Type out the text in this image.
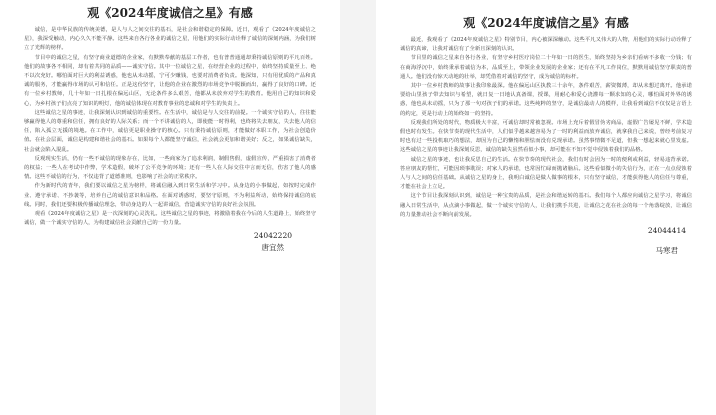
观《2024年度诚信之星》有感

诚信，是中华民族的传统美德，是人与人之间交往的基石，是社会和谐稳定的保障。近日，观看了《2024年度诚信之星》，我深受触动，内心久久不能平静。这些来自各行各业的诚信之星，用他们的实际行动诠释了诚信的深刻内涵，为我们树立了光辉的榜样。

节目中的诚信之星，有坚守商业道德的企业家，有默默奉献的基层工作者，也有普普通通却秉持诚信原则的平凡百姓。他们的故事各不相同，却有着共同的品质——诚实守信。其中一位诚信之星，在经营企业的过程中，始终坚持质量至上、绝不以次充好。哪怕面对巨大的利益诱惑，他也从未动摇，宁可少赚钱，也要对消费者负责。他深知，只有用优质的产品和真诚的服务，才能赢得市场的认可和信任。正是这份坚守，让他的企业在激烈的市场竞争中脱颖而出，赢得了良好的口碑。还有一位乡村教师，几十年如一日扎根在偏远山区，无论条件多么艰苦，他都从未放弃对学生的教育。他用自己的知识和爱心，为乡村孩子们点亮了知识的明灯，他的诚信体现在对教育事业的忠诚和对学生的负责上。

这些诚信之星的事迹，让我深刻认识到诚信的重要性。在生活中，诚信是与人交往的前提。一个诚实守信的人，往往能够赢得他人的尊重和信任，拥有良好的人际关系；而一个不讲诚信的人，即使能一时得利，也终将失去朋友，失去他人的信任，陷入孤立无援的境地。在工作中，诚信更是职业操守的核心。只有秉持诚信原则，才能做好本职工作，为社会创造价值。在社会层面，诚信是构建和谐社会的基石。如果每个人都能坚守诚信，社会就会更加和谐美好；反之，如果诚信缺失，社会就会陷入混乱。

反观现实生活，仍有一些不诚信的现象存在，比如，一些商家为了追求利润，制假售假，虚假宣传，严重损害了消费者的权益；一些人在考试中作弊，学术造假，破坏了公平竞争的环境；还有一些人在人际交往中言而无信，伤害了他人的感情。这些不诚信的行为，不仅违背了道德准则，也影响了社会的正常秩序。

作为新时代的青年，我们要以诚信之星为榜样，将诚信融入到日常生活和学习中。从身边的小事做起，如按时完成作业、遵守承诺、不抄袭等，培养自己的诚信意识和品格。在面对诱惑时，要坚守原则，不为利益所动，始终保持诚信的底线。同时，我们还要积极传播诚信理念，带动身边的人一起讲诚信，营造诚实守信的良好社会氛围。

观看《2024年度诚信之星》是一次深刻的心灵洗礼。这些诚信之星的事迹，将激励着我在今后的人生道路上，始终坚守诚信，做一个诚实守信的人，为构建诚信社会贡献自己的一份力量。

24042220
唐宜然
观《2024年度诚信之星》有感

最近，我观看了《2024年度诚信之星》特别节目，内心被深深触动。这些平凡又伟大的人物，用他们的实际行动诠释了诚信的真谛，让我对诚信有了全新且深刻的认识。

节目里的诚信之星来自各行各业，有坚守乡村医疗岗位二十年如一日的医生，始终坚持为乡亲们看病不多收一分钱；有在商海浮沉中，始终秉承着诚信为本，品质至上，带领企业发展的企业家；还有在平凡工作岗位，默默用诚信坚守职责的普通人。他们没有惊天动地的壮举，却凭借着对诚信的坚守，成为诚信的标杆。

其中一位乡村教师的故事让我印象最深。他在偏远山区执教三十余年，条件艰苦，薪资微薄，却从未想过离开。他承诺要给山里孩子带去知识与希望，就日复一日地认真备课，授课，用耐心和爱心浇灌每一颗求知的心灵，哪怕面对外界的诱惑，他也从未动摇，只为了那一句对孩子们的承诺。这些纯粹的坚守，是诚信最动人的模样，让我看到诚信不仅仅是言语上的约定，更是行动上的始终如一的坚持。

反观我们所处的时代，物质极大丰富，可诚信却时常被忽视。市场上充斥着假冒伪劣商品，虚假广告屡见不鲜，学术造假也时有发生。在快节奏的现代生活中，人们似乎越来越容易为了一时的利益而放弃诚信，就拿我自己来说，曾经考前复习时也有过一些投机取巧的想法，却因为自己的懒惰和胆怯而没有兑现承诺。虽然事情微不足道，但我一想起来就心里发虚。这些诚信之星的事迹让我深刻反思，诚信的缺失虽然看似小事，却可能在不知不觉中侵蚀着我们的品格。

诚信之星的事迹，也让我反思自己的生活。在快节奏的现代社会，我们有时会因为一时的便利或利益，轻易违背承诺。答应朋友的帮忙，可能因琐事耽误；对家人的承诺，也常因忙碌而抛诸脑后。这些看似微小的失信行为，正在一点点侵蚀着人与人之间的信任基础。从诚信之星的身上，我明白诚信是做人做事的根本，只有坚守诚信，才能获得他人的信任与尊重，才能在社会上立足。

这个节目让我深刻认识到，诚信是一种宝贵的品质，是社会和谐运转的基石。我们每个人都应向诚信之星学习，将诚信融入日常生活中，从点滴小事做起，做一个诚实守信的人，让我们携手共进，让诚信之花在社会的每一个角落绽放，让诚信的力量推动社会不断向前发展。

24044414
马寒君
